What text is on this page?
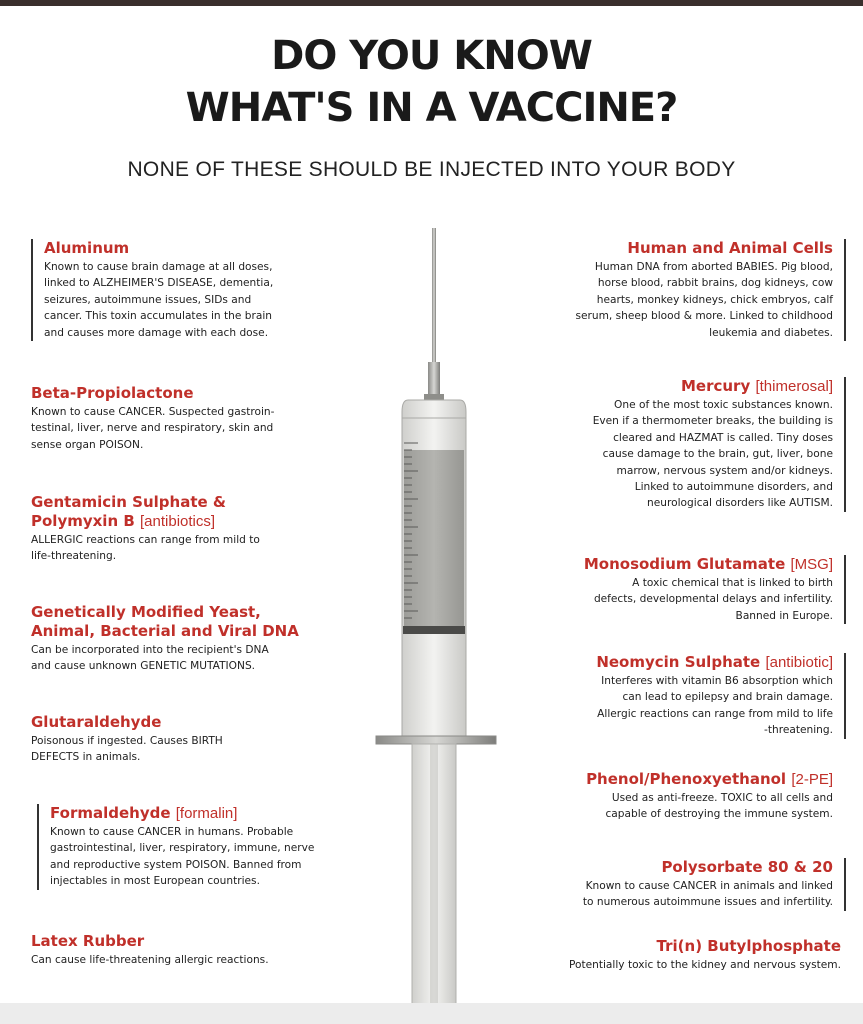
DO YOU KNOW
WHAT'S IN A VACCINE?
NONE OF THESE SHOULD BE INJECTED INTO YOUR BODY
Aluminum
Known to cause brain damage at all doses,
linked to ALZHEIMER'S DISEASE, dementia,
seizures, autoimmune issues, SIDs and
cancer. This toxin accumulates in the brain
and causes more damage with each dose.
Beta-Propiolactone
Known to cause CANCER. Suspected gastroin-
testinal, liver, nerve and respiratory, skin and
sense organ POISON.
Gentamicin Sulphate &
Polymyxin B [antibiotics]
ALLERGIC reactions can range from mild to
life-threatening.
Genetically Modified Yeast,
Animal, Bacterial and Viral DNA
Can be incorporated into the recipient's DNA
and cause unknown GENETIC MUTATIONS.
Glutaraldehyde
Poisonous if ingested. Causes BIRTH
DEFECTS in animals.
Formaldehyde [formalin]
Known to cause CANCER in humans. Probable
gastrointestinal, liver, respiratory, immune, nerve
and reproductive system POISON. Banned from
injectables in most European countries.
Latex Rubber
Can cause life-threatening allergic reactions.
Human and Animal Cells
Human DNA from aborted BABIES. Pig blood,
horse blood, rabbit brains, dog kidneys, cow
hearts, monkey kidneys, chick embryos, calf
serum, sheep blood & more. Linked to childhood
leukemia and diabetes.
Mercury [thimerosal]
One of the most toxic substances known.
Even if a thermometer breaks, the building is
cleared and HAZMAT is called. Tiny doses
cause damage to the brain, gut, liver, bone
marrow, nervous system and/or kidneys.
Linked to autoimmune disorders, and
neurological disorders like AUTISM.
Monosodium Glutamate [MSG]
A toxic chemical that is linked to birth
defects, developmental delays and infertility.
Banned in Europe.
Neomycin Sulphate [antibiotic]
Interferes with vitamin B6 absorption which
can lead to epilepsy and brain damage.
Allergic reactions can range from mild to life
-threatening.
Phenol/Phenoxyethanol [2-PE]
Used as anti-freeze. TOXIC to all cells and
capable of destroying the immune system.
Polysorbate 80 & 20
Known to cause CANCER in animals and linked
to numerous autoimmune issues and infertility.
Tri(n) Butylphosphate
Potentially toxic to the kidney and nervous system.
